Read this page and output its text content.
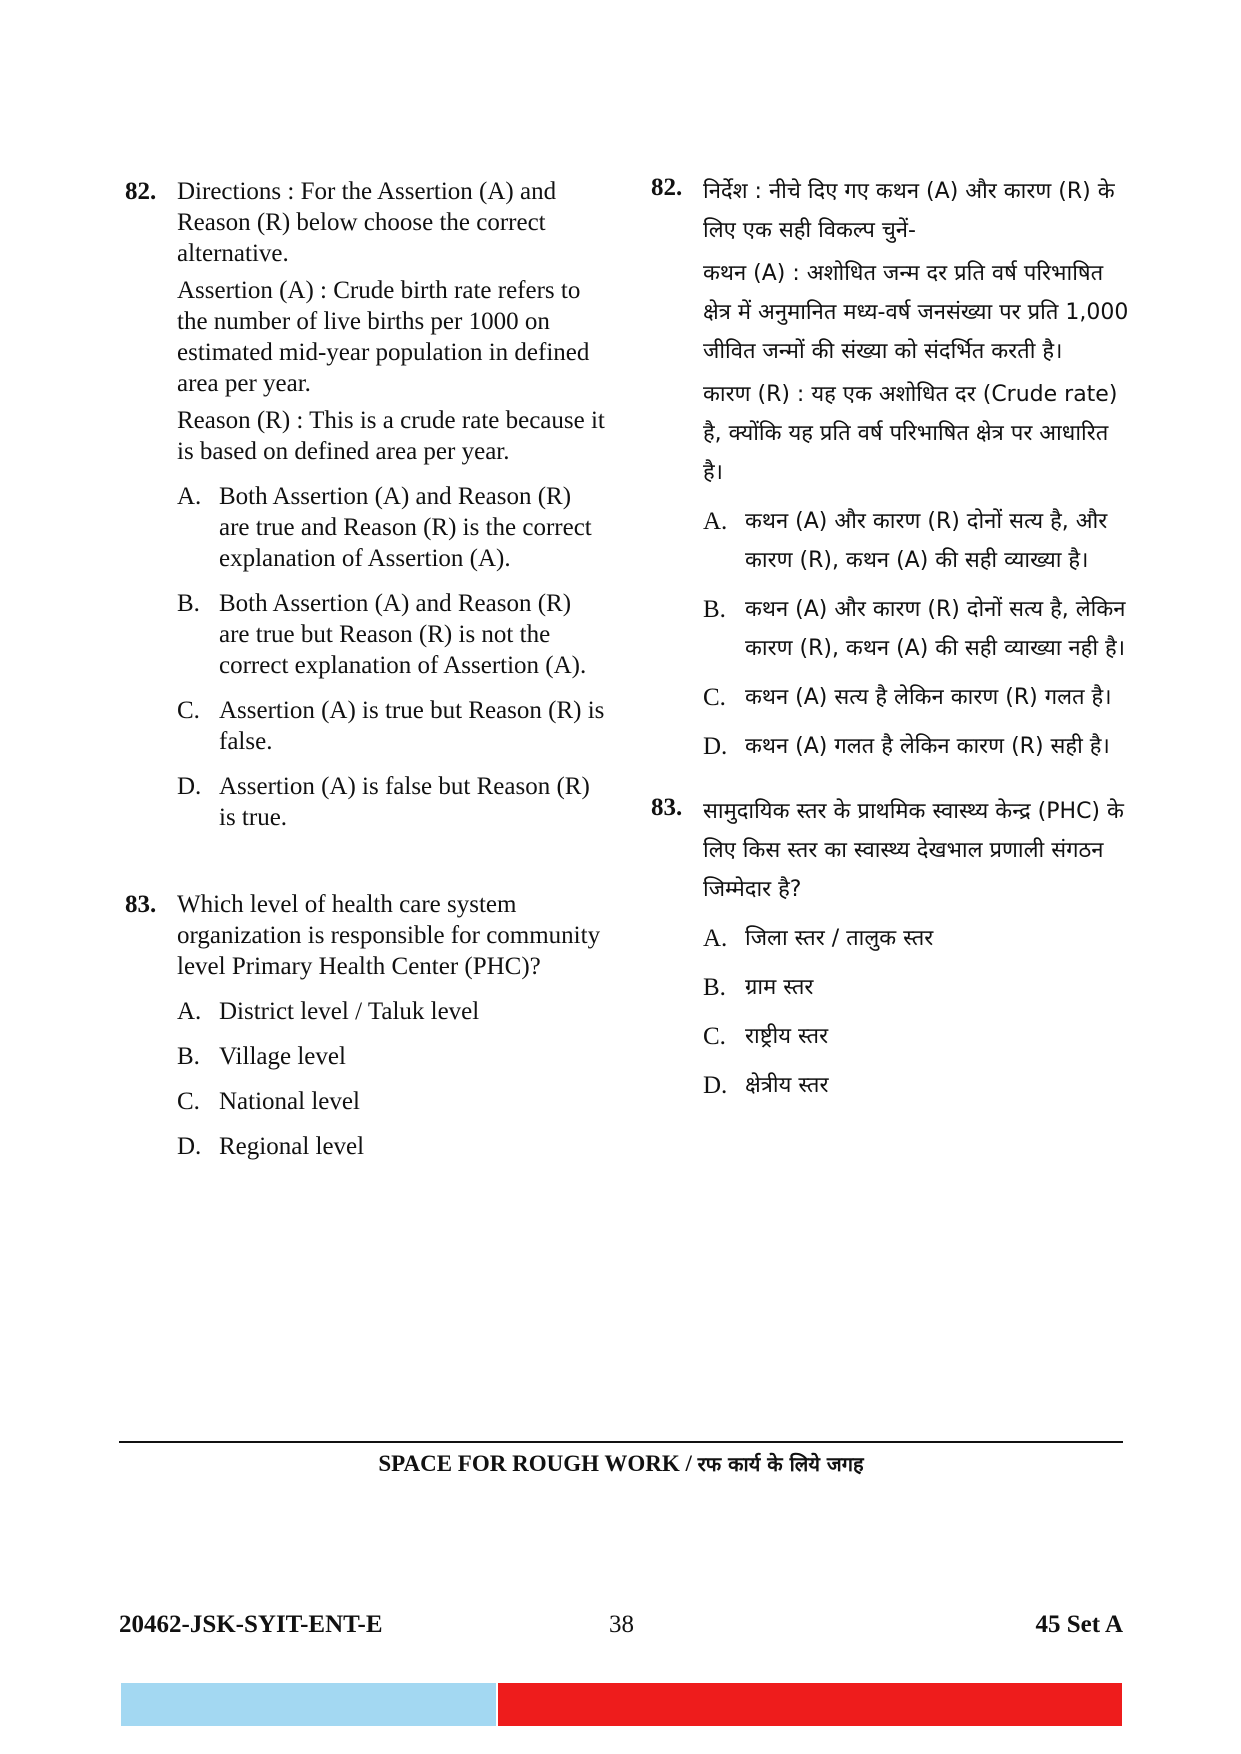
82. Directions : For the Assertion (A) and Reason (R) below choose the correct alternative.

Assertion (A) : Crude birth rate refers to the number of live births per 1000 on estimated mid-year population in defined area per year.

Reason (R) : This is a crude rate because it is based on defined area per year.

A. Both Assertion (A) and Reason (R) are true and Reason (R) is the correct explanation of Assertion (A).
B. Both Assertion (A) and Reason (R) are true but Reason (R) is not the correct explanation of Assertion (A).
C. Assertion (A) is true but Reason (R) is false.
D. Assertion (A) is false but Reason (R) is true.
83. Which level of health care system organization is responsible for community level Primary Health Center (PHC)?

A. District level / Taluk level
B. Village level
C. National level
D. Regional level
82. निर्देश : नीचे दिए गए कथन (A) और कारण (R) के लिए एक सही विकल्प चुनें-

कथन (A) : अशोधित जन्म दर प्रति वर्ष परिभाषित क्षेत्र में अनुमानित मध्य-वर्ष जनसंख्या पर प्रति 1,000 जीवित जन्मों की संख्या को संदर्भित करती है।

कारण (R) : यह एक अशोधित दर (Crude rate) है, क्योंकि यह प्रति वर्ष परिभाषित क्षेत्र पर आधारित है।

A. कथन (A) और कारण (R) दोनों सत्य है, और कारण (R), कथन (A) की सही व्याख्या है।
B. कथन (A) और कारण (R) दोनों सत्य है, लेकिन कारण (R), कथन (A) की सही व्याख्या नही है।
C. कथन (A) सत्य है लेकिन कारण (R) गलत है।
D. कथन (A) गलत है लेकिन कारण (R) सही है।
83. सामुदायिक स्तर के प्राथमिक स्वास्थ्य केन्द्र (PHC) के लिए किस स्तर का स्वास्थ्य देखभाल प्रणाली संगठन जिम्मेदार है?

A. जिला स्तर / तालुक स्तर
B. ग्राम स्तर
C. राष्ट्रीय स्तर
D. क्षेत्रीय स्तर
SPACE FOR ROUGH WORK / रफ कार्य के लिये जगह
20462-JSK-SYIT-ENT-E	38	45 Set A
